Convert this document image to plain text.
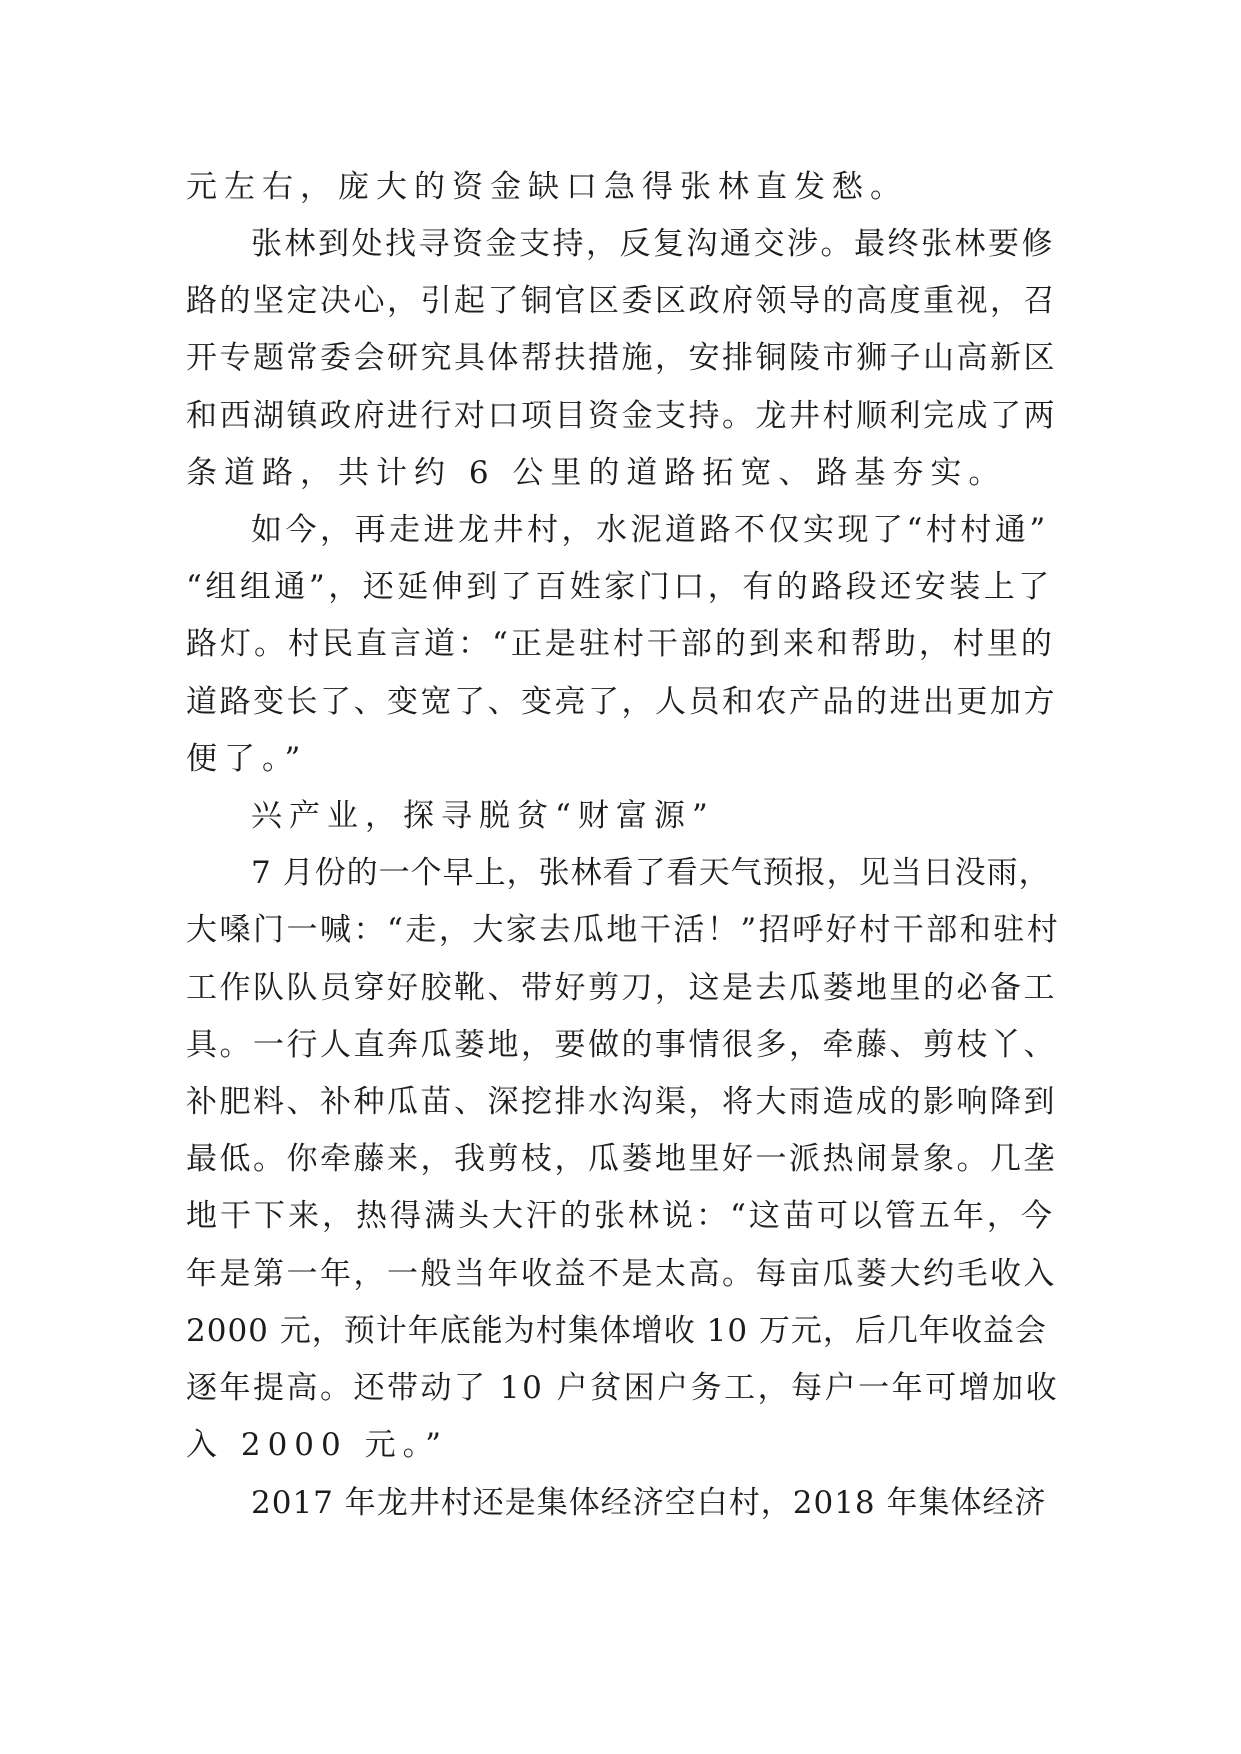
元左右，庞大的资金缺口急得张林直发愁。
张林到处找寻资金支持，反复沟通交涉。最终张林要修
路的坚定决心，引起了铜官区委区政府领导的高度重视，召
开专题常委会研究具体帮扶措施，安排铜陵市狮子山高新区
和西湖镇政府进行对口项目资金支持。龙井村顺利完成了两
条道路，共计约 6 公里的道路拓宽、路基夯实。
如今，再走进龙井村，水泥道路不仅实现了“村村通”
“组组通”，还延伸到了百姓家门口，有的路段还安装上了
路灯。村民直言道：“正是驻村干部的到来和帮助，村里的
道路变长了、变宽了、变亮了，人员和农产品的进出更加方
便了。”
兴产业，探寻脱贫“财富源”
7 月份的一个早上，张林看了看天气预报，见当日没雨，
大嗓门一喊：“走，大家去瓜地干活！”招呼好村干部和驻村
工作队队员穿好胶靴、带好剪刀，这是去瓜蒌地里的必备工
具。一行人直奔瓜蒌地，要做的事情很多，牵藤、剪枝丫、
补肥料、补种瓜苗、深挖排水沟渠，将大雨造成的影响降到
最低。你牵藤来，我剪枝，瓜蒌地里好一派热闹景象。几垄
地干下来，热得满头大汗的张林说：“这苗可以管五年，今
年是第一年，一般当年收益不是太高。每亩瓜蒌大约毛收入
2000 元，预计年底能为村集体增收 10 万元，后几年收益会
逐年提高。还带动了 10 户贫困户务工，每户一年可增加收
入 2000 元。”
2017 年龙井村还是集体经济空白村，2018 年集体经济
